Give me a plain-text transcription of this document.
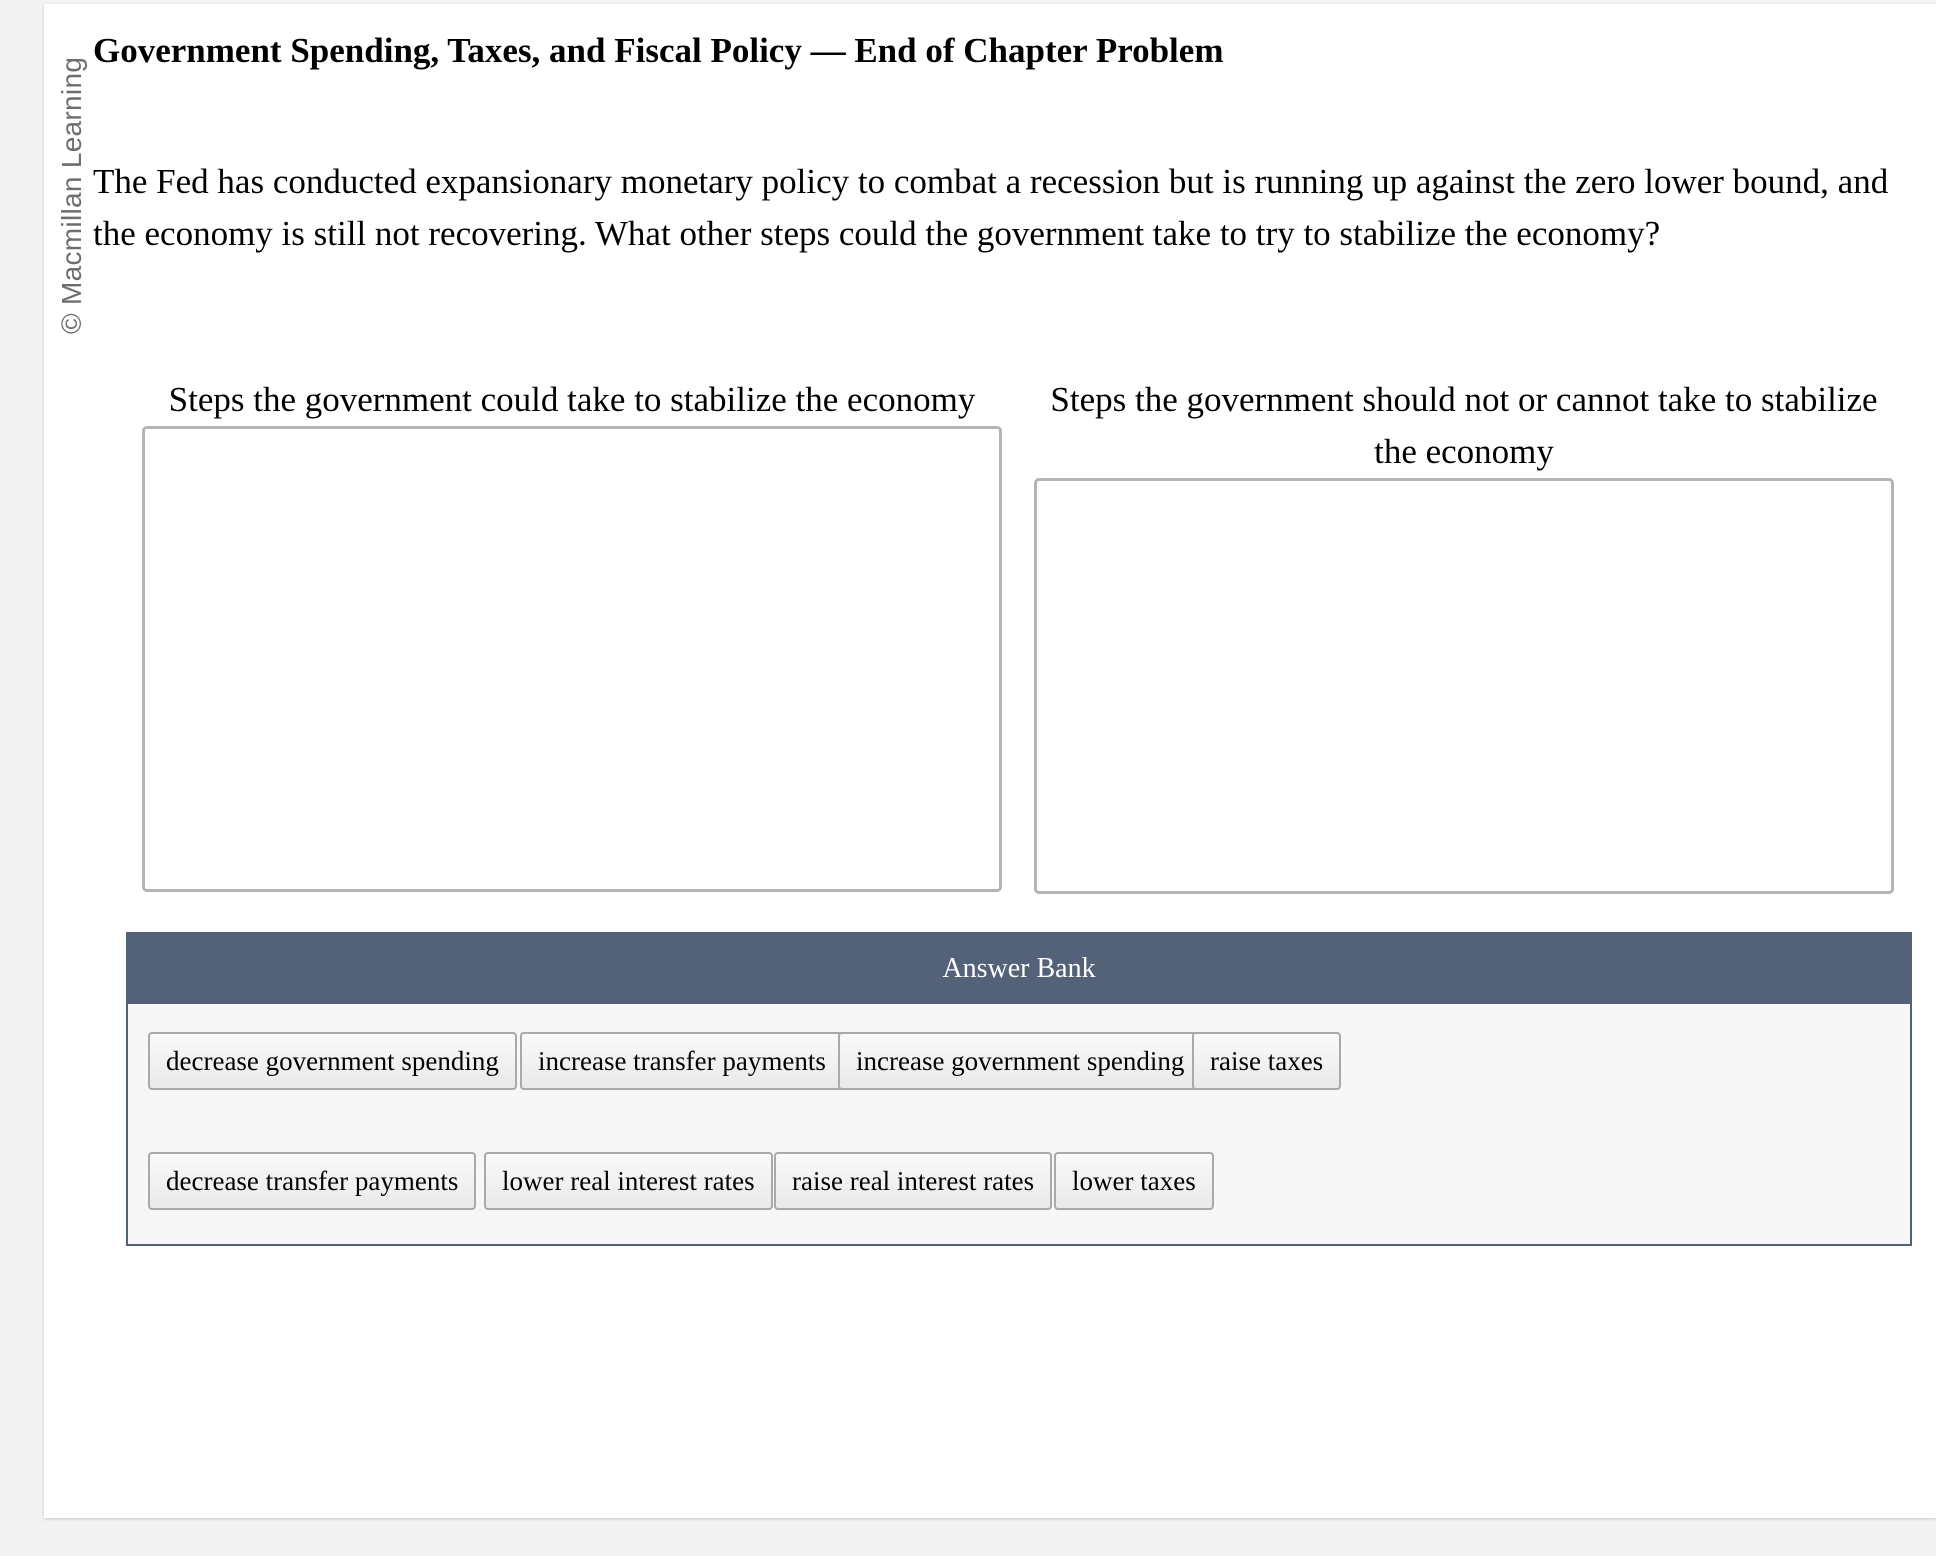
© Macmillan Learning
Government Spending, Taxes, and Fiscal Policy — End of Chapter Problem

The Fed has conducted expansionary monetary policy to combat a recession but is running up against the zero lower bound, and
the economy is still not recovering. What other steps could the government take to try to stabilize the economy?

Steps the government could take to stabilize the economy	Steps the government should not or cannot take to stabilize the economy
Answer Bank
decrease government spending	increase transfer payments	increase government spending raise taxes
decrease transfer payments	lower real interest rates	raise real interest rates	lower taxes
